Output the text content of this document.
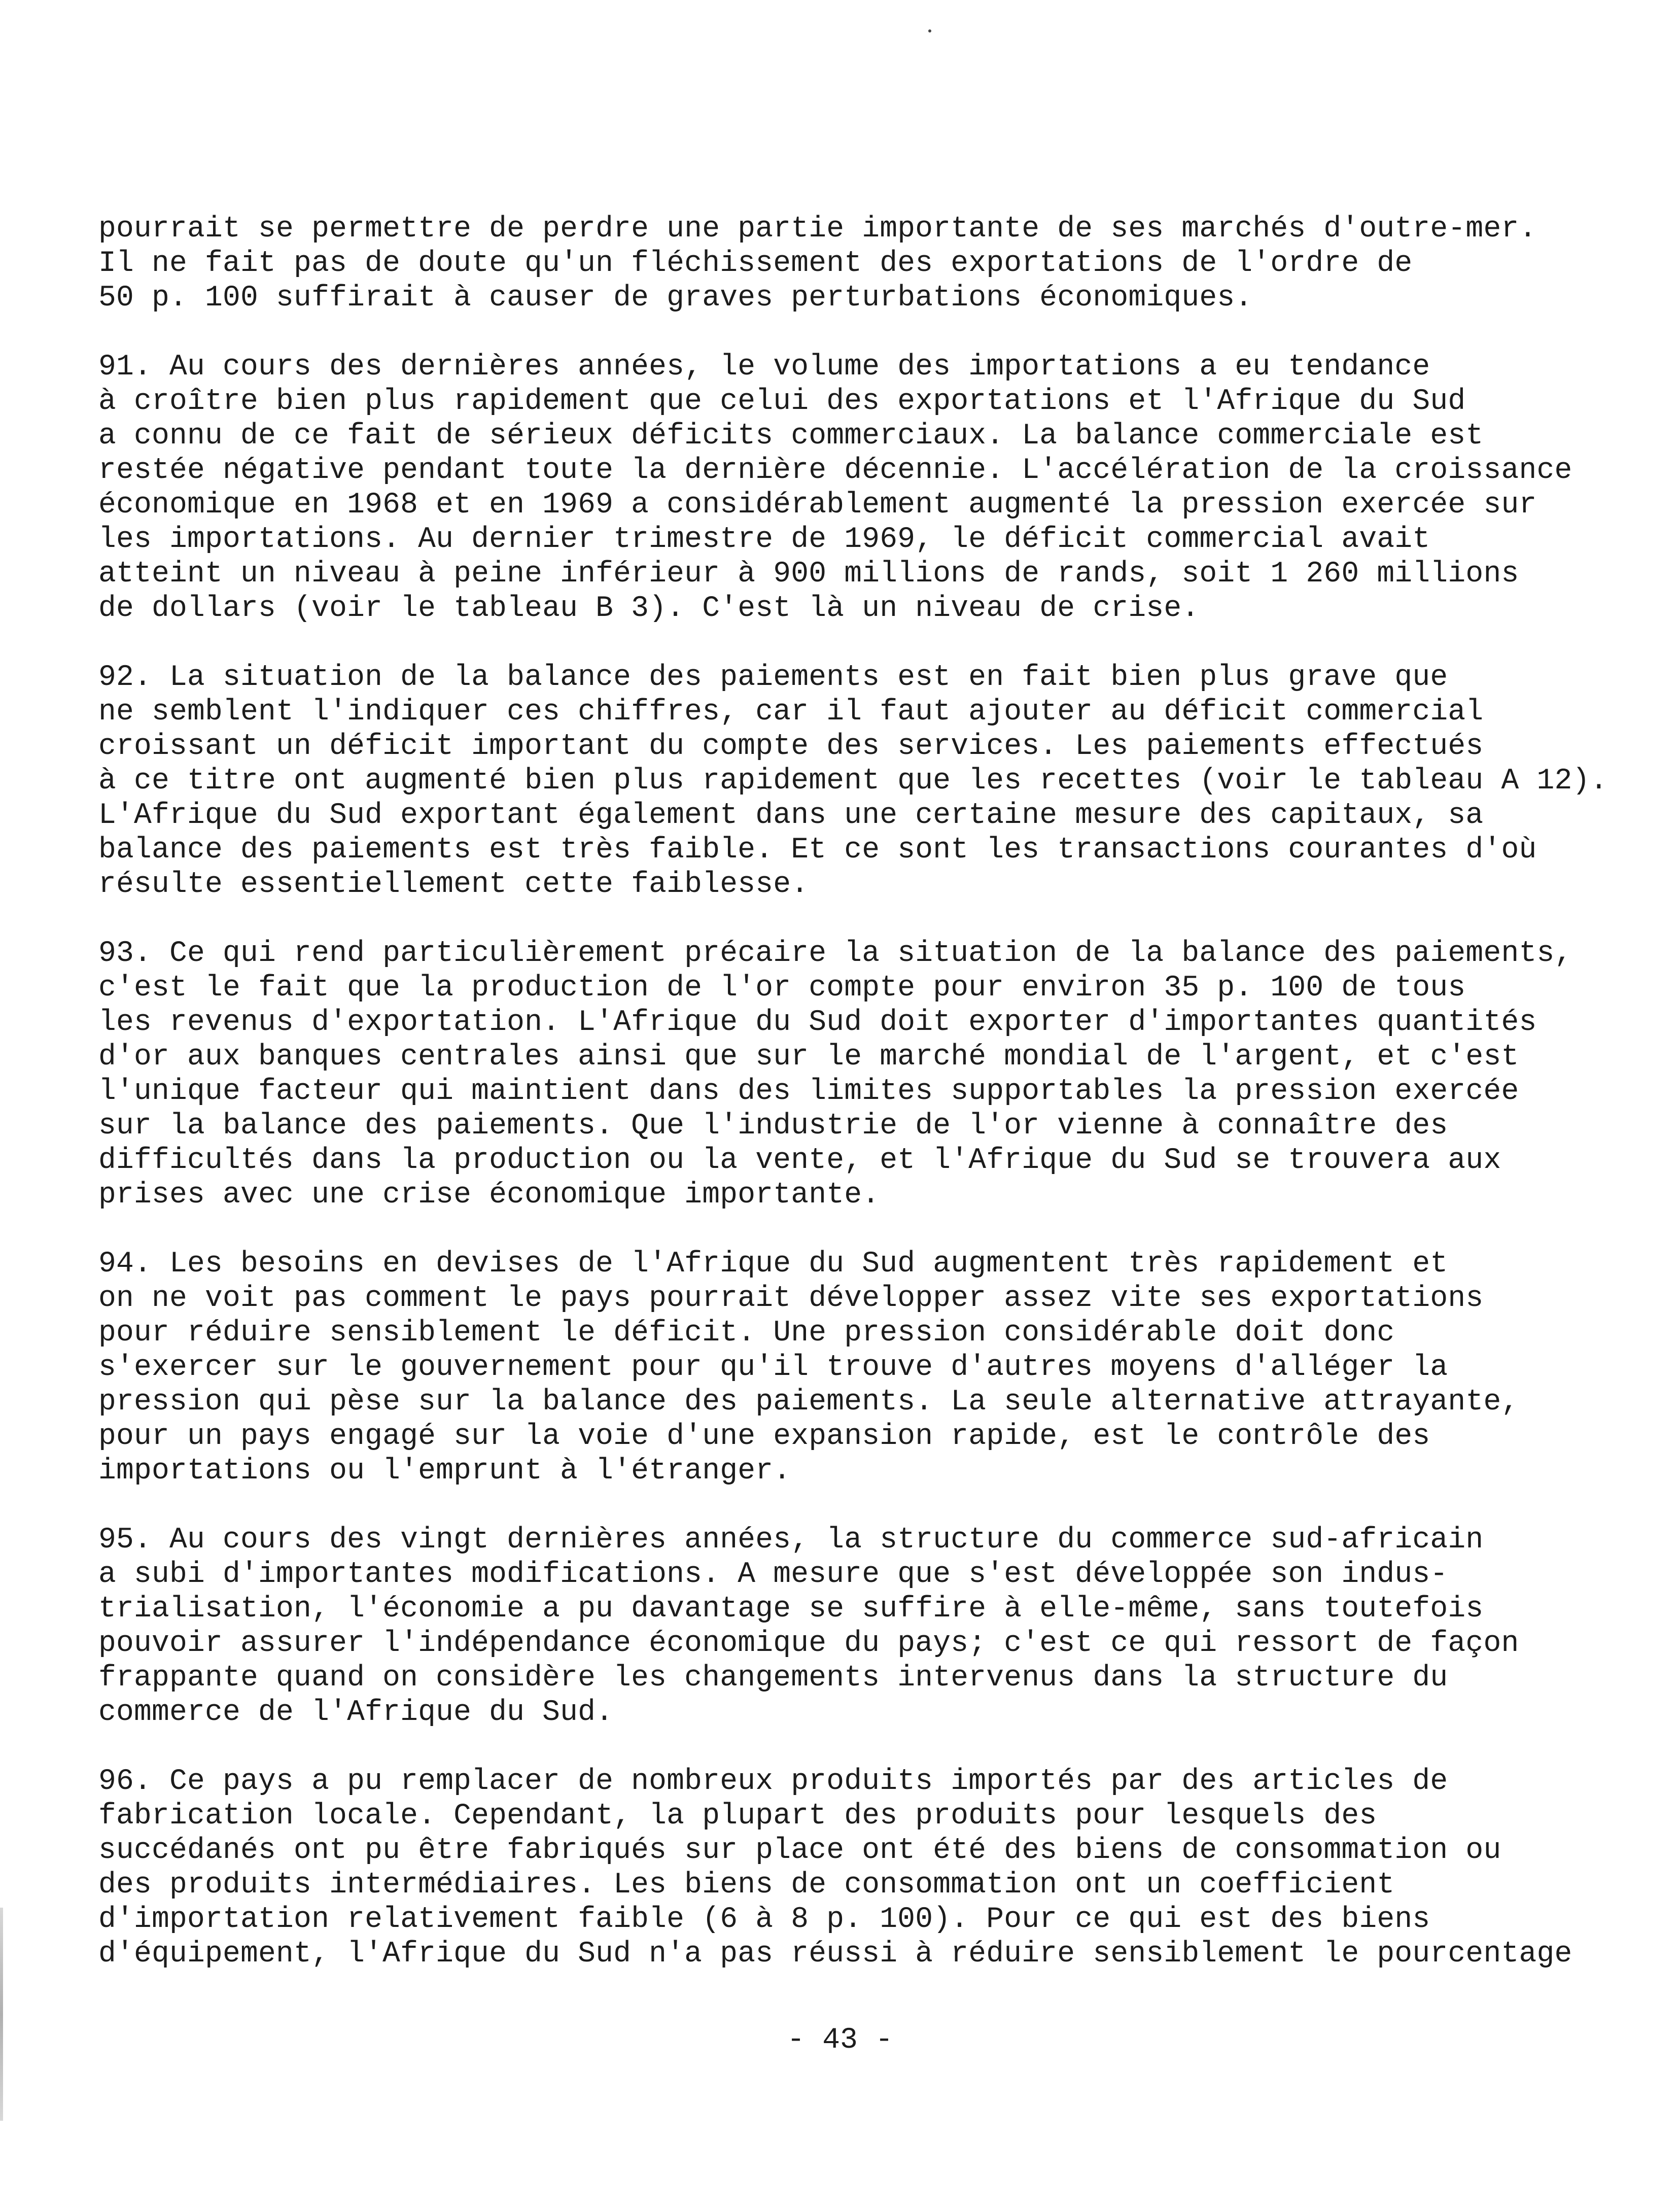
pourrait se permettre de perdre une partie importante de ses marchés d'outre-mer.
Il ne fait pas de doute qu'un fléchissement des exportations de l'ordre de
50 p. 100 suffirait à causer de graves perturbations économiques.
91. Au cours des dernières années, le volume des importations a eu tendance
à croître bien plus rapidement que celui des exportations et l'Afrique du Sud
a connu de ce fait de sérieux déficits commerciaux. La balance commerciale est
restée négative pendant toute la dernière décennie. L'accélération de la croissance
économique en 1968 et en 1969 a considérablement augmenté la pression exercée sur
les importations. Au dernier trimestre de 1969, le déficit commercial avait
atteint un niveau à peine inférieur à 900 millions de rands, soit 1 260 millions
de dollars (voir le tableau B 3). C'est là un niveau de crise.
92. La situation de la balance des paiements est en fait bien plus grave que
ne semblent l'indiquer ces chiffres, car il faut ajouter au déficit commercial
croissant un déficit important du compte des services. Les paiements effectués
à ce titre ont augmenté bien plus rapidement que les recettes (voir le tableau A 12).
L'Afrique du Sud exportant également dans une certaine mesure des capitaux, sa
balance des paiements est très faible. Et ce sont les transactions courantes d'où
résulte essentiellement cette faiblesse.
93. Ce qui rend particulièrement précaire la situation de la balance des paiements,
c'est le fait que la production de l'or compte pour environ 35 p. 100 de tous
les revenus d'exportation. L'Afrique du Sud doit exporter d'importantes quantités
d'or aux banques centrales ainsi que sur le marché mondial de l'argent, et c'est
l'unique facteur qui maintient dans des limites supportables la pression exercée
sur la balance des paiements. Que l'industrie de l'or vienne à connaître des
difficultés dans la production ou la vente, et l'Afrique du Sud se trouvera aux
prises avec une crise économique importante.
94. Les besoins en devises de l'Afrique du Sud augmentent très rapidement et
on ne voit pas comment le pays pourrait développer assez vite ses exportations
pour réduire sensiblement le déficit. Une pression considérable doit donc
s'exercer sur le gouvernement pour qu'il trouve d'autres moyens d'alléger la
pression qui pèse sur la balance des paiements. La seule alternative attrayante,
pour un pays engagé sur la voie d'une expansion rapide, est le contrôle des
importations ou l'emprunt à l'étranger.
95. Au cours des vingt dernières années, la structure du commerce sud-africain
a subi d'importantes modifications. A mesure que s'est développée son indus-
trialisation, l'économie a pu davantage se suffire à elle-même, sans toutefois
pouvoir assurer l'indépendance économique du pays; c'est ce qui ressort de façon
frappante quand on considère les changements intervenus dans la structure du
commerce de l'Afrique du Sud.
96. Ce pays a pu remplacer de nombreux produits importés par des articles de
fabrication locale. Cependant, la plupart des produits pour lesquels des
succédanés ont pu être fabriqués sur place ont été des biens de consommation ou
des produits intermédiaires. Les biens de consommation ont un coefficient
d'importation relativement faible (6 à 8 p. 100). Pour ce qui est des biens
d'équipement, l'Afrique du Sud n'a pas réussi à réduire sensiblement le pourcentage
- 43 -
